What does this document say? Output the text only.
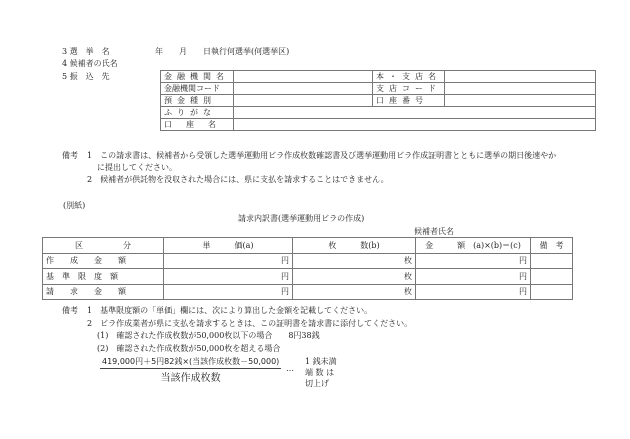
3 選　挙　名	年　　月　　日執行何選挙(何選挙区)
4 候補者の氏名
5 振　込　先	金融機関名		本・支店名	
金融機関コード		支店コード	
預金種別		口座番号	
ふりがな			
口座名			
備考 1　この請求書は、候補者から受領した選挙運動用ビラ作成枚数確認書及び選挙運動用ビラ作成証明書とともに選挙の期日後速やか
に提出してください。
2　候補者が供託物を没収された場合には、県に支払を請求することはできません。
(別紙)
請求内訳書(選挙運動用ビラの作成)
候補者氏名
区　　　　　分	単　　　価(a)	枚　　　数(b)	金　　　額　(a)×(b)＝(c)	備　考
作　　成　　金　　額	円	枚	円	
基　準　限　度　額	円	枚	円	
請　　求　　金　　額	円	枚	円	
備考 1　基準限度額の「単価」欄には、次により算出した金額を記載してください。
2　ビラ作成業者が県に支払を請求するときは、この証明書を請求書に添付してください。
(1)　確認された作成枚数が50,000枚以下の場合　　8円38銭
(2)　確認された作成枚数が50,000枚を超える場合
419,000円＋5円82銭×(当該作成枚数－50,000)
当該作成枚数
…
1 銭未満
端 数 は
切上げ
